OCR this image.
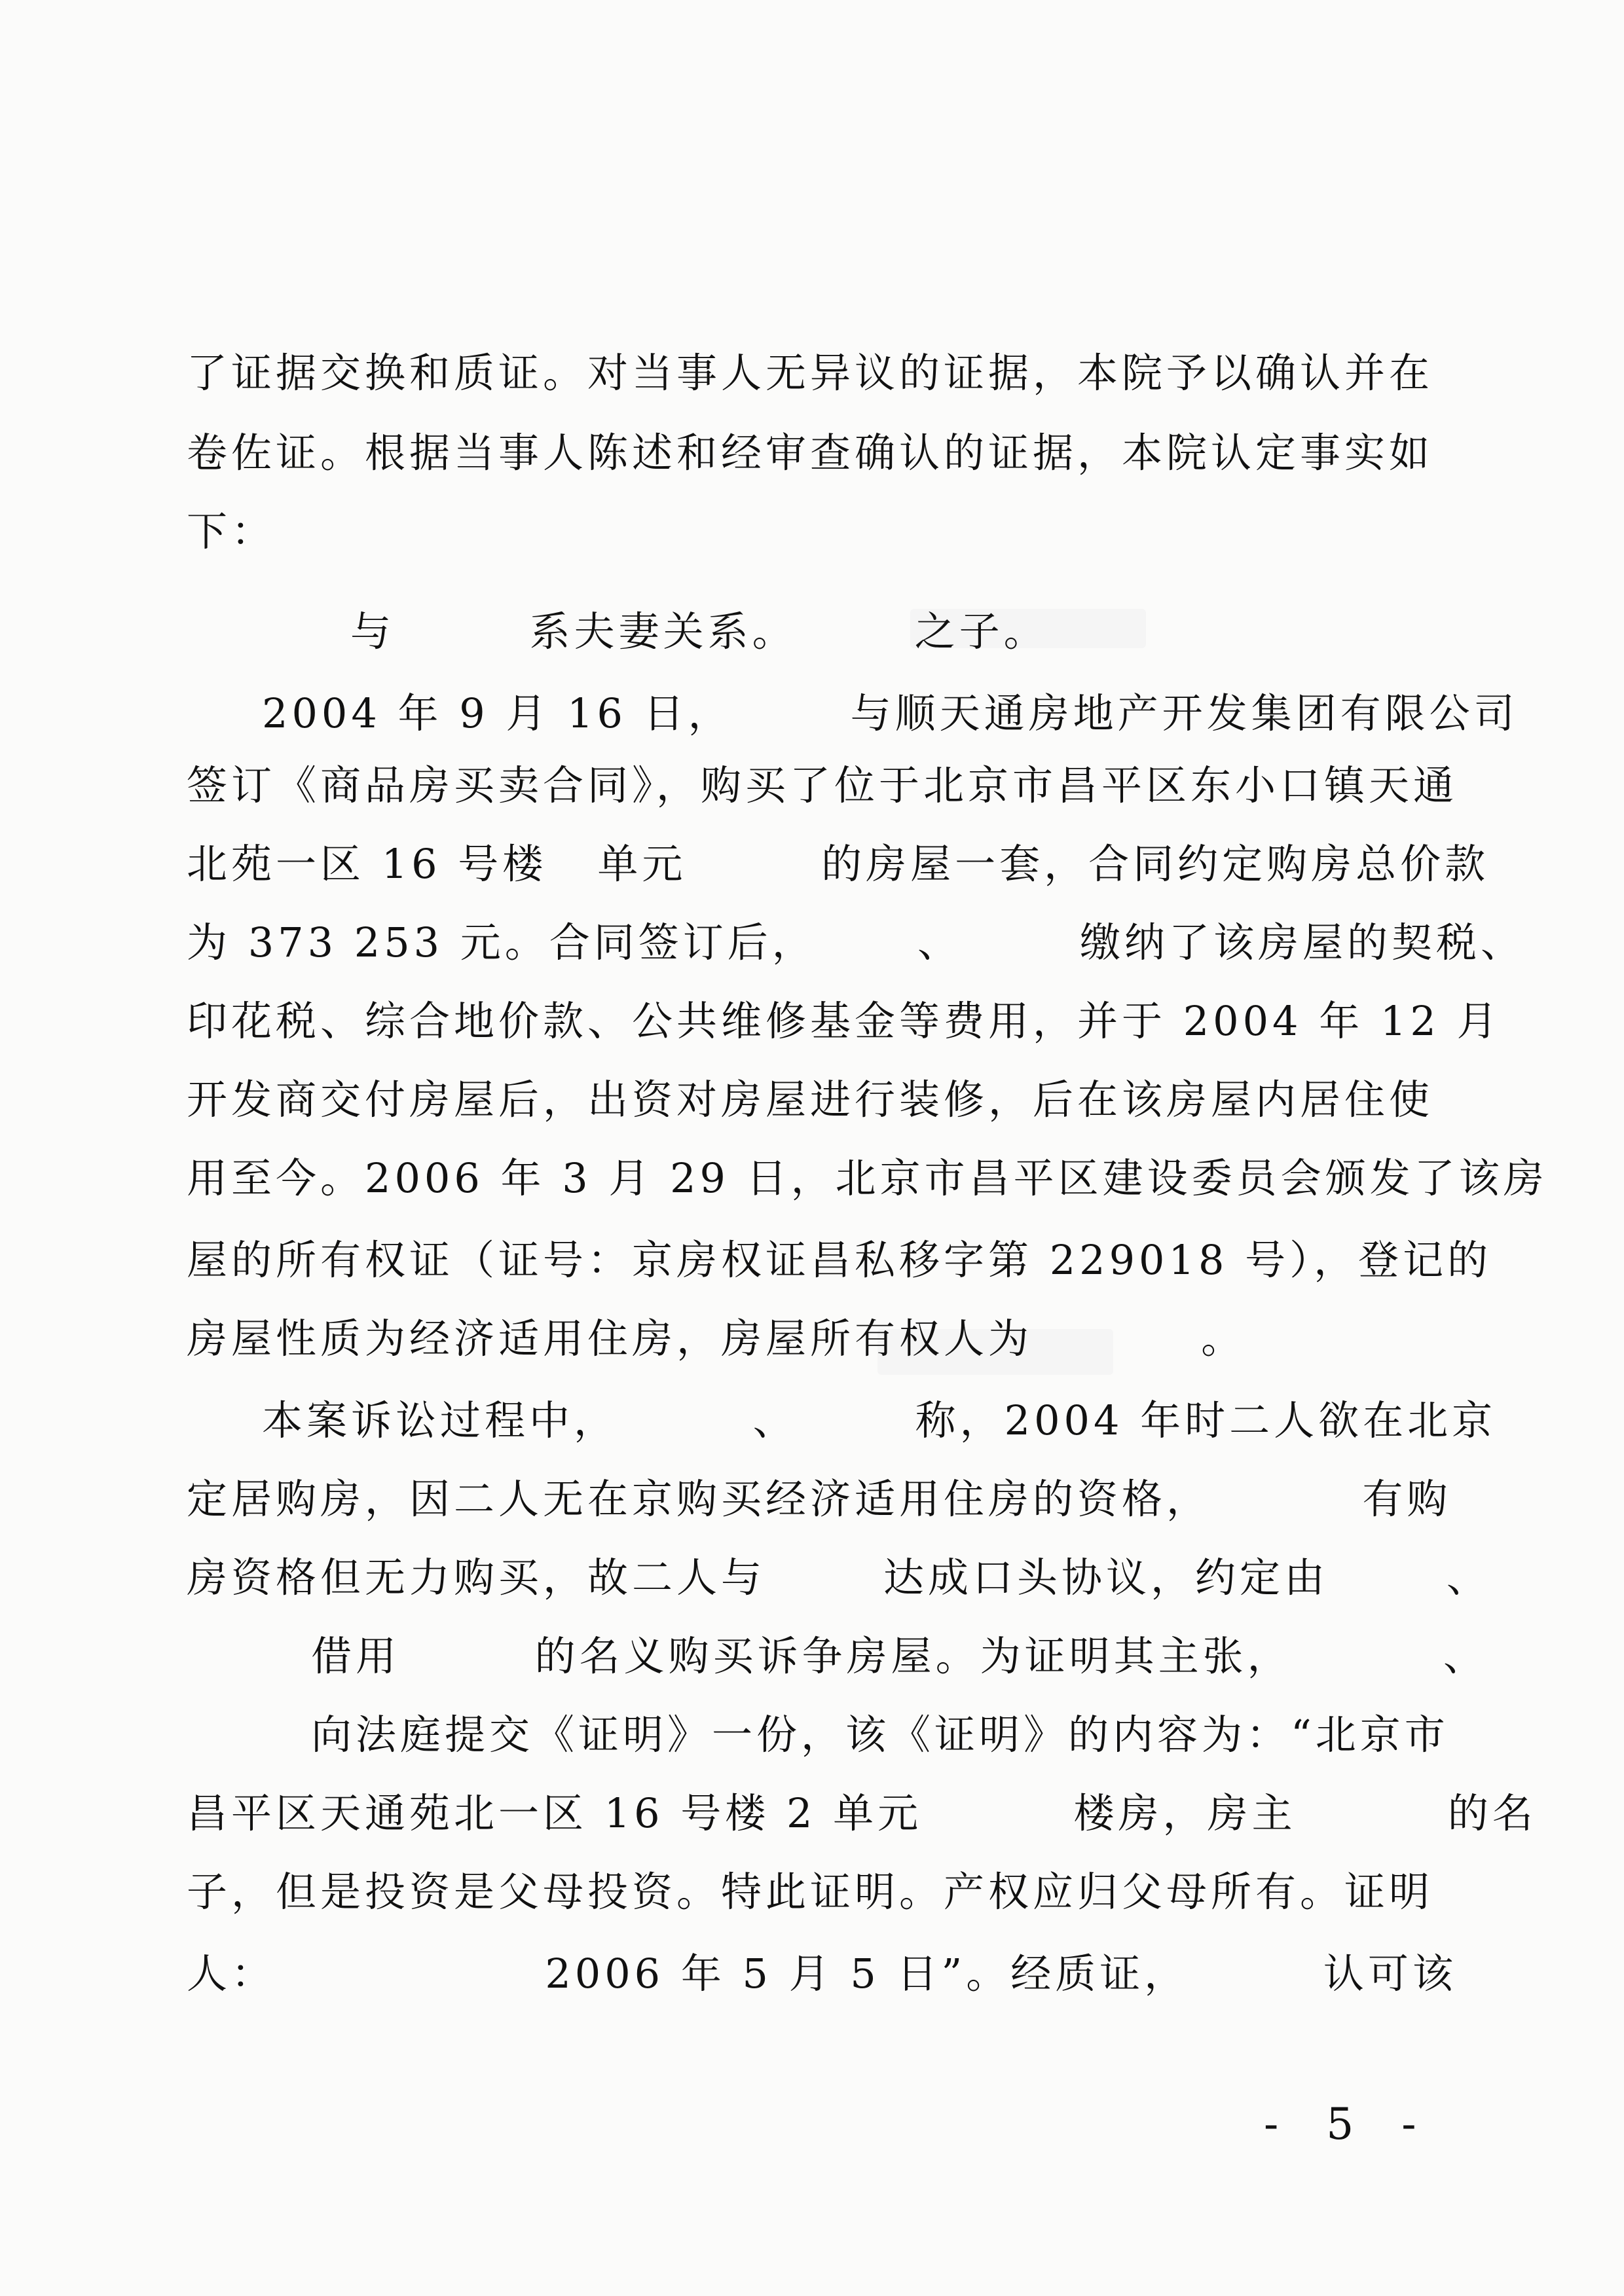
了证据交换和质证。对当事人无异议的证据，本院予以确认并在
卷佐证。根据当事人陈述和经审查确认的证据，本院认定事实如
下：
与        系夫妻关系。       之子。
2004 年 9 月 16 日，       与顺天通房地产开发集团有限公司
签订《商品房买卖合同》，购买了位于北京市昌平区东小口镇天通
北苑一区 16 号楼   单元        的房屋一套，合同约定购房总价款
为 373 253 元。合同签订后，      、       缴纳了该房屋的契税、
印花税、综合地价款、公共维修基金等费用，并于 2004 年 12 月
开发商交付房屋后，出资对房屋进行装修，后在该房屋内居住使
用至今。2006 年 3 月 29 日，北京市昌平区建设委员会颁发了该房
屋的所有权证（证号：京房权证昌私移字第 229018 号），登记的
房屋性质为经济适用住房，房屋所有权人为          。
本案诉讼过程中，        、       称，2004 年时二人欲在北京
定居购房，因二人无在京购买经济适用住房的资格，         有购
房资格但无力购买，故二人与       达成口头协议，约定由       、
借用        的名义购买诉争房屋。为证明其主张，         、
向法庭提交《证明》一份，该《证明》的内容为：“北京市
昌平区天通苑北一区 16 号楼 2 单元         楼房，房主         的名
子，但是投资是父母投资。特此证明。产权应归父母所有。证明
人：                2006 年 5 月 5 日”。经质证，        认可该
- 5 -
